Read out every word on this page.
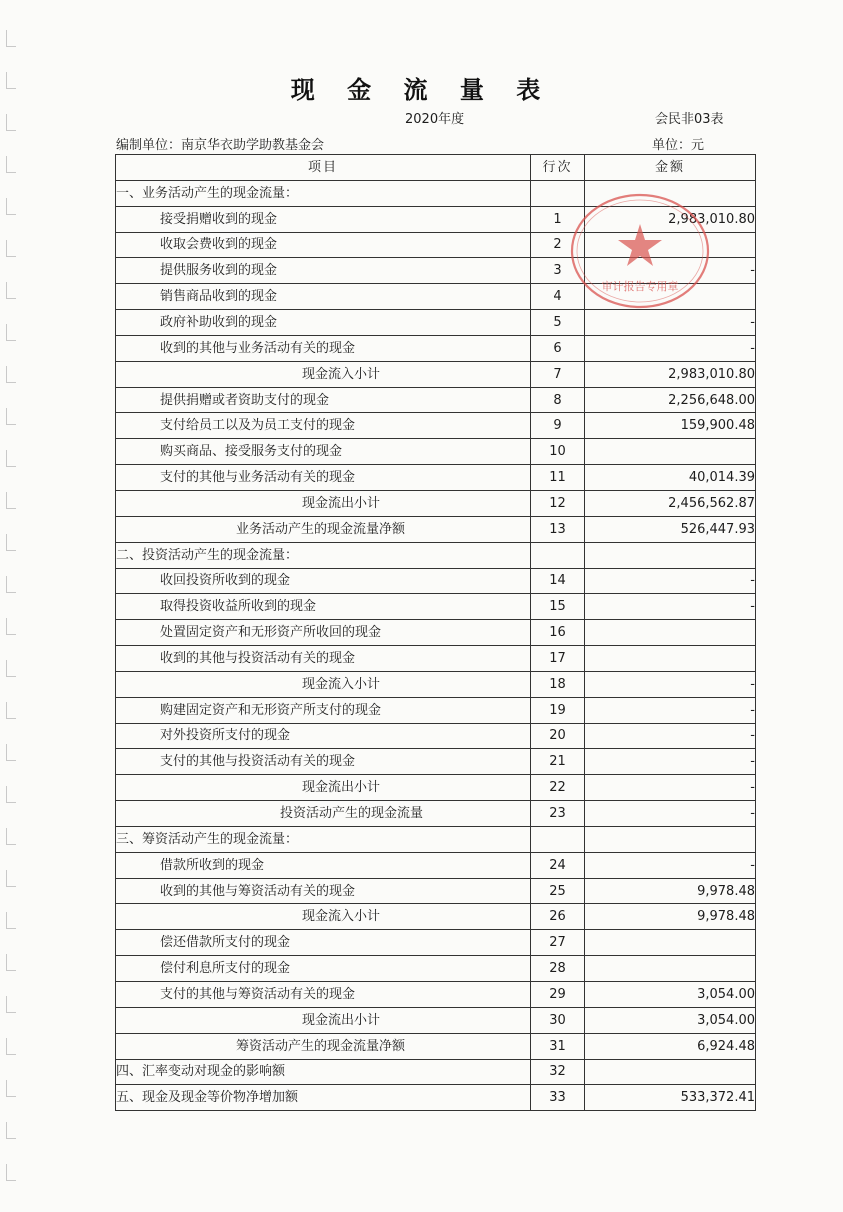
现 金 流 量 表
2020年度	会民非03表
编制单位：南京华衣助学助教基金会	单位：元
项目	行次	金额
一、业务活动产生的现金流量：		
接受捐赠收到的现金	1	2,983,010.80
收取会费收到的现金	2	
提供服务收到的现金	3	-
销售商品收到的现金	4	
政府补助收到的现金	5	-
收到的其他与业务活动有关的现金	6	-
现金流入小计	7	2,983,010.80
提供捐赠或者资助支付的现金	8	2,256,648.00
支付给员工以及为员工支付的现金	9	159,900.48
购买商品、接受服务支付的现金	10	
支付的其他与业务活动有关的现金	11	40,014.39
现金流出小计	12	2,456,562.87
业务活动产生的现金流量净额	13	526,447.93
二、投资活动产生的现金流量：		
收回投资所收到的现金	14	-
取得投资收益所收到的现金	15	-
处置固定资产和无形资产所收回的现金	16	
收到的其他与投资活动有关的现金	17	
现金流入小计	18	-
购建固定资产和无形资产所支付的现金	19	-
对外投资所支付的现金	20	-
支付的其他与投资活动有关的现金	21	-
现金流出小计	22	-
投资活动产生的现金流量	23	-
三、筹资活动产生的现金流量：		
借款所收到的现金	24	-
收到的其他与筹资活动有关的现金	25	9,978.48
现金流入小计	26	9,978.48
偿还借款所支付的现金	27	
偿付利息所支付的现金	28	
支付的其他与筹资活动有关的现金	29	3,054.00
现金流出小计	30	3,054.00
筹资活动产生的现金流量净额	31	6,924.48
四、汇率变动对现金的影响额	32	
五、现金及现金等价物净增加额	33	533,372.41
审计报告专用章
